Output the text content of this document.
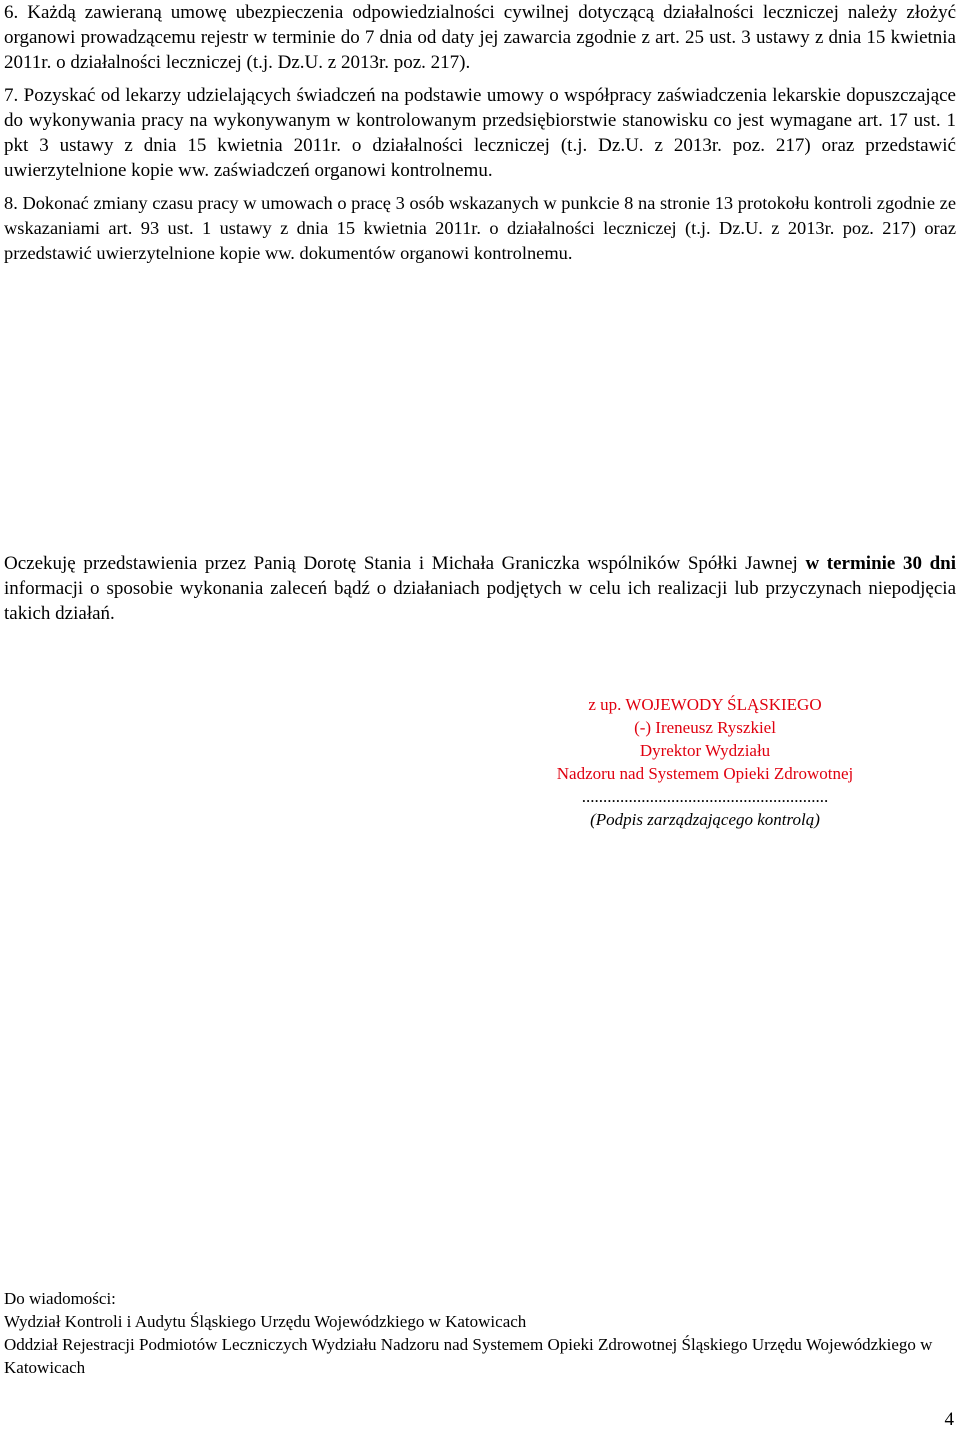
6. Każdą zawieraną umowę ubezpieczenia odpowiedzialności cywilnej dotyczącą działalności leczniczej należy złożyć organowi prowadzącemu rejestr w terminie do 7 dnia od daty jej zawarcia zgodnie z art. 25 ust. 3 ustawy z dnia 15 kwietnia 2011r. o działalności leczniczej (t.j. Dz.U. z 2013r. poz. 217).

7. Pozyskać od lekarzy udzielających świadczeń na podstawie umowy o współpracy zaświadczenia lekarskie dopuszczające do wykonywania pracy na wykonywanym w kontrolowanym przedsiębiorstwie stanowisku co jest wymagane art. 17 ust. 1 pkt 3 ustawy z dnia 15 kwietnia 2011r. o działalności leczniczej (t.j. Dz.U. z 2013r. poz. 217) oraz przedstawić uwierzytelnione kopie ww. zaświadczeń organowi kontrolnemu.

8. Dokonać zmiany czasu pracy w umowach o pracę 3 osób wskazanych w punkcie 8 na stronie 13 protokołu kontroli zgodnie ze wskazaniami art. 93 ust. 1 ustawy z dnia 15 kwietnia 2011r. o działalności leczniczej (t.j. Dz.U. z 2013r. poz. 217) oraz przedstawić uwierzytelnione kopie ww. dokumentów organowi kontrolnemu.

Oczekuję przedstawienia przez Panią Dorotę Stania i Michała Graniczka wspólników Spółki Jawnej w terminie 30 dni informacji o sposobie wykonania zaleceń bądź o działaniach podjętych w celu ich realizacji lub przyczynach niepodjęcia takich działań.

z up. WOJEWODY ŚLĄSKIEGO
(-) Ireneusz Ryszkiel
Dyrektor Wydziału
Nadzoru nad Systemem Opieki Zdrowotnej
..........................................................
(Podpis zarządzającego kontrolą)
Do wiadomości:
Wydział Kontroli i Audytu Śląskiego Urzędu Wojewódzkiego w Katowicach
Oddział Rejestracji Podmiotów Leczniczych Wydziału Nadzoru nad Systemem Opieki Zdrowotnej Śląskiego Urzędu Wojewódzkiego w Katowicach
4
